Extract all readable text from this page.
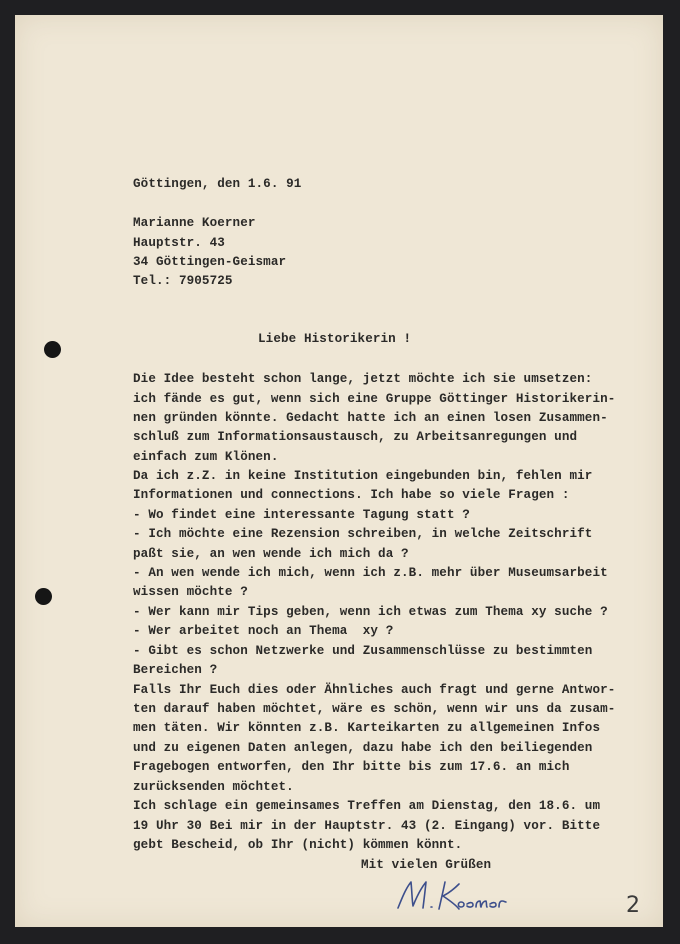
Göttingen, den 1.6. 91
Marianne Koerner
Hauptstr. 43
34 Göttingen-Geismar
Tel.: 7905725
Liebe Historikerin !
Die Idee besteht schon lange, jetzt möchte ich sie umsetzen:
ich fände es gut, wenn sich eine Gruppe Göttinger Historikerin-
nen gründen könnte. Gedacht hatte ich an einen losen Zusammen-
schluß zum Informationsaustausch, zu Arbeitsanregungen und
einfach zum Klönen.
Da ich z.Z. in keine Institution eingebunden bin, fehlen mir
Informationen und connections. Ich habe so viele Fragen :
- Wo findet eine interessante Tagung statt ?
- Ich möchte eine Rezension schreiben, in welche Zeitschrift
paßt sie, an wen wende ich mich da ?
- An wen wende ich mich, wenn ich z.B. mehr über Museumsarbeit
wissen möchte ?
- Wer kann mir Tips geben, wenn ich etwas zum Thema xy suche ?
- Wer arbeitet noch an Thema  xy ?
- Gibt es schon Netzwerke und Zusammenschlüsse zu bestimmten
Bereichen ?
Falls Ihr Euch dies oder Ähnliches auch fragt und gerne Antwor-
ten darauf haben möchtet, wäre es schön, wenn wir uns da zusam-
men täten. Wir könnten z.B. Karteikarten zu allgemeinen Infos
und zu eigenen Daten anlegen, dazu habe ich den beiliegenden
Fragebogen entworfen, den Ihr bitte bis zum 17.6. an mich
zurücksenden möchtet.
Ich schlage ein gemeinsames Treffen am Dienstag, den 18.6. um
19 Uhr 30 Bei mir in der Hauptstr. 43 (2. Eingang) vor. Bitte
gebt Bescheid, ob Ihr (nicht) kömmen könnt.
Mit vielen Grüßen
2
